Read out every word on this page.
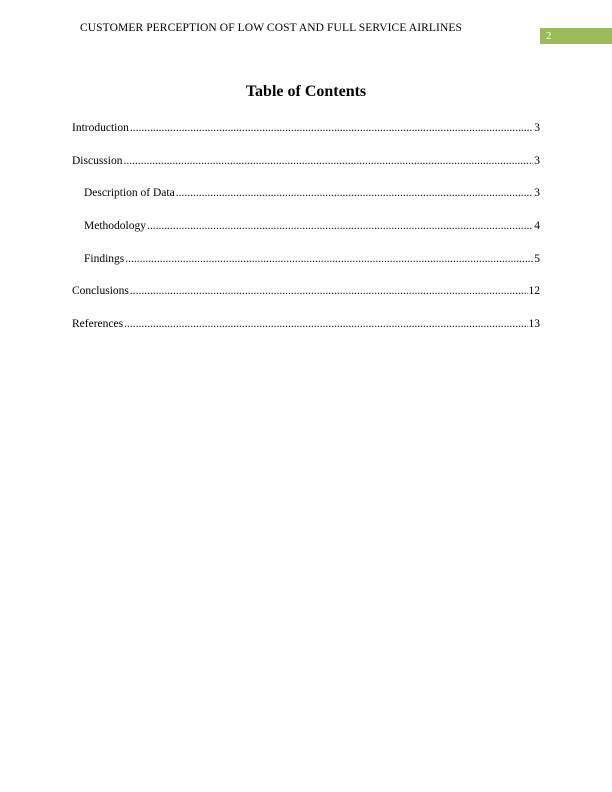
CUSTOMER PERCEPTION OF LOW COST AND FULL SERVICE AIRLINES
2
Table of Contents
Introduction .....	3
Discussion .....	3
Description of Data .....	3
Methodology .....	4
Findings .....	5
Conclusions .....	12
References .....	13
